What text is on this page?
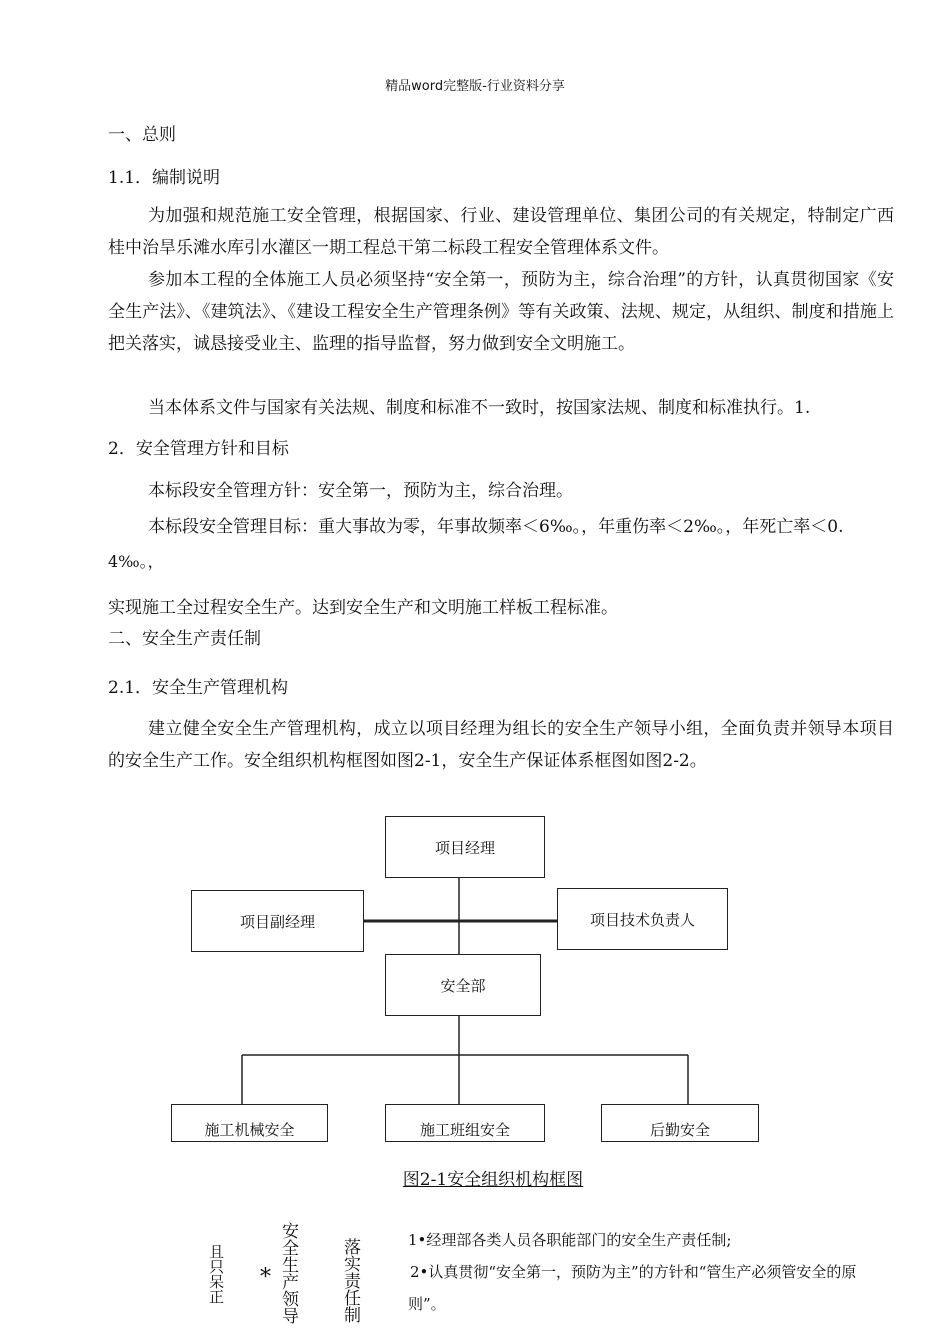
精品word完整版-行业资料分享
一、总则
1.1．编制说明
为加强和规范施工安全管理，根据国家、行业、建设管理单位、集团公司的有关规定，特制定广西桂中治旱乐滩水库引水灌区一期工程总干第二标段工程安全管理体系文件。
参加本工程的全体施工人员必须坚持“安全第一，预防为主，综合治理”的方针，认真贯彻国家《安全生产法》、《建筑法》、《建设工程安全生产管理条例》等有关政策、法规、规定，从组织、制度和措施上把关落实，诚恳接受业主、监理的指导监督，努力做到安全文明施工。
当本体系文件与国家有关法规、制度和标准不一致时，按国家法规、制度和标准执行。1.
2．安全管理方针和目标
本标段安全管理方针：安全第一，预防为主，综合治理。
本标段安全管理目标：重大事故为零，年事故频率＜6‰。，年重伤率＜2‰。，年死亡率＜0.
4‰。，
实现施工全过程安全生产。达到安全生产和文明施工样板工程标准。
二、安全生产责任制
2.1．安全生产管理机构
建立健全安全生产管理机构，成立以项目经理为组长的安全生产领导小组，全面负责并领导本项目的安全生产工作。安全组织机构框图如图2-1，安全生产保证体系框图如图2-2。
项目经理
项目副经理	项目技术负责人
安全部
施工机械安全	施工班组安全	后勤安全
图2-1安全组织机构框图
且只呆正 * 安全生产领导 落实责任制	1•经理部各类人员各职能部门的安全生产责任制;
2•认真贯彻“安全第一，预防为主”的方针和“管生产必须管安全的原则”。
